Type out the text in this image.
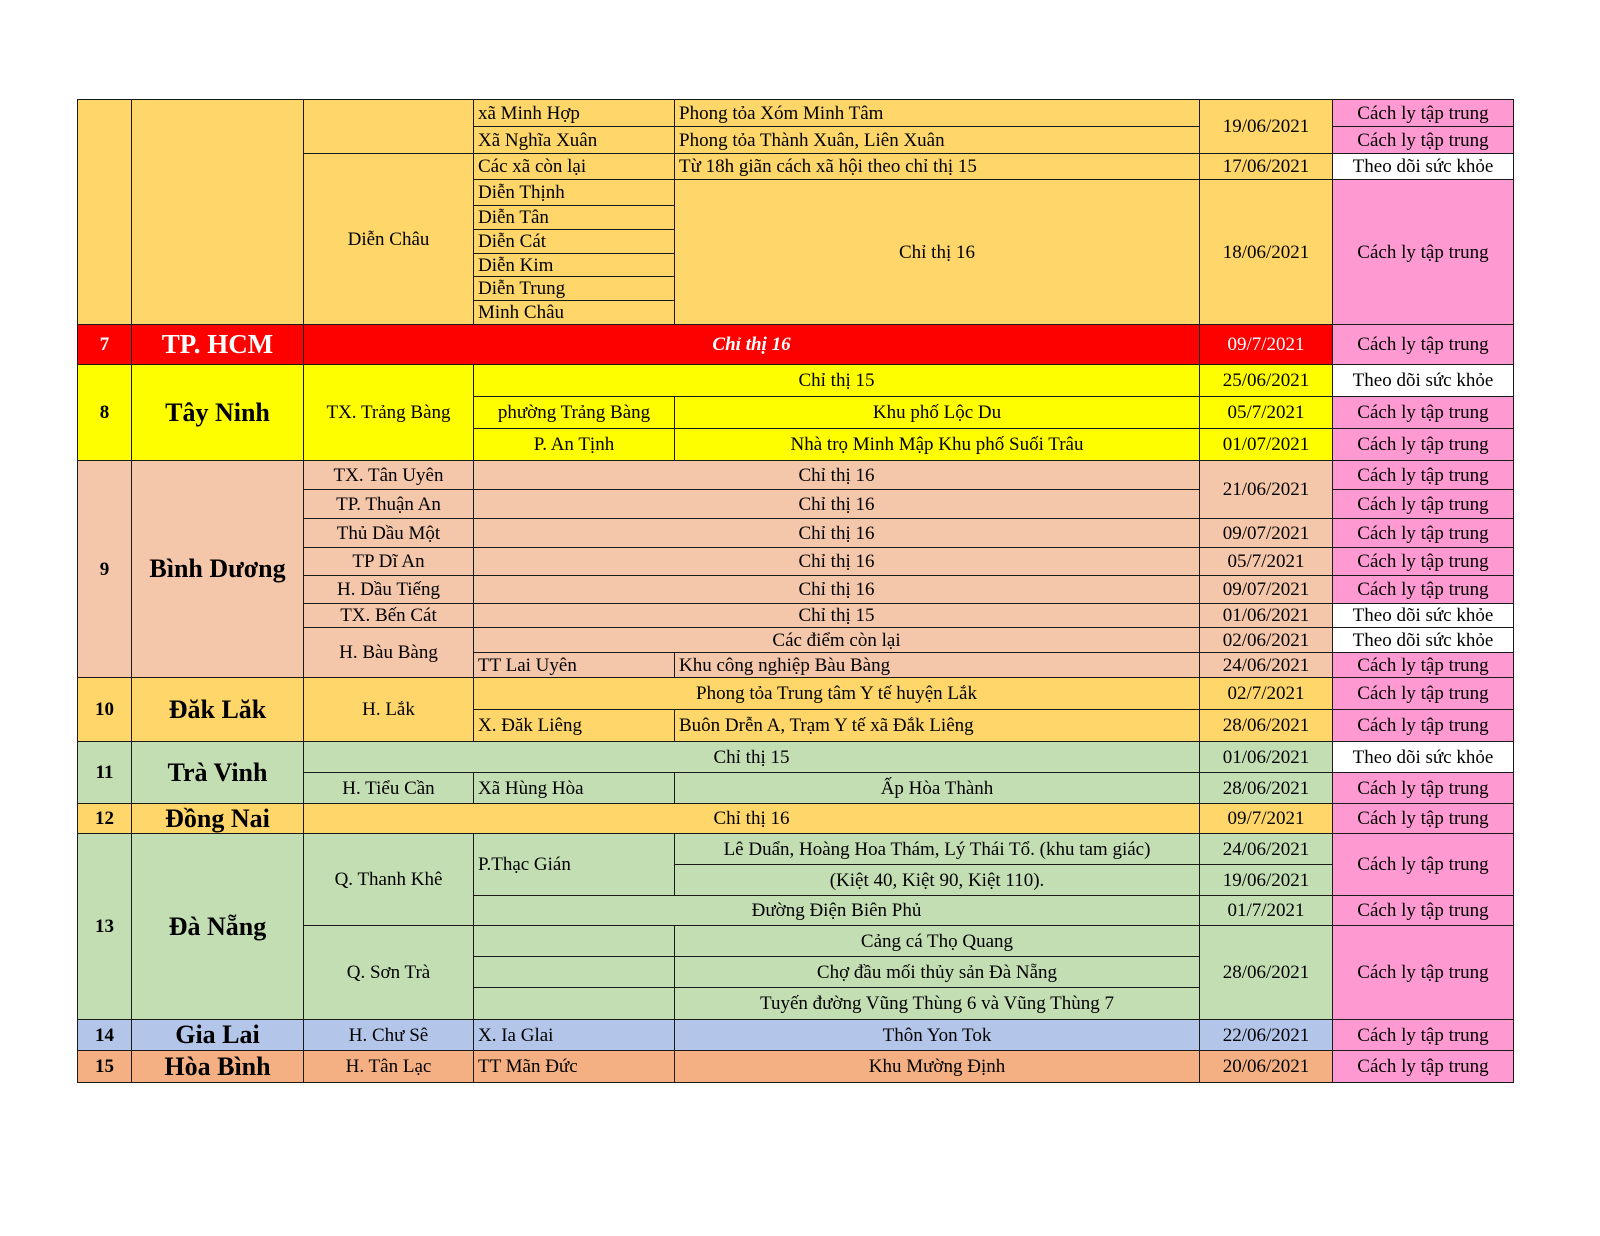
			xã Minh Hợp	Phong tỏa Xóm Minh Tâm	19/06/2021	Cách ly tập trung
			Xã Nghĩa Xuân	Phong tỏa Thành Xuân, Liên Xuân		Cách ly tập trung
		Diễn Châu	Các xã còn lại	Từ 18h giãn cách xã hội theo chỉ thị 15	17/06/2021	Theo dõi sức khỏe
			Diễn Thịnh	Chỉ thị 16	18/06/2021	Cách ly tập trung
			Diễn Tân			
			Diễn Cát			
			Diễn Kim			
			Diễn Trung			
			Minh Châu			
7	TP. HCM	Chỉ thị 16			09/7/2021	Cách ly tập trung
8	Tây Ninh	TX. Trảng Bàng	Chỉ thị 15		25/06/2021	Theo dõi sức khỏe
			phường Trảng Bàng	Khu phố Lộc Du	05/7/2021	Cách ly tập trung
			P. An Tịnh	Nhà trọ Minh Mập Khu phố Suối Trâu	01/07/2021	Cách ly tập trung
9	Bình Dương	TX. Tân Uyên	Chỉ thị 16		21/06/2021	Cách ly tập trung
		TP. Thuận An	Chỉ thị 16			Cách ly tập trung
		Thủ Dầu Một	Chỉ thị 16		09/07/2021	Cách ly tập trung
		TP Dĩ An	Chỉ thị 16		05/7/2021	Cách ly tập trung
		H. Dầu Tiếng	Chỉ thị 16		09/07/2021	Cách ly tập trung
		TX. Bến Cát	Chỉ thị 15		01/06/2021	Theo dõi sức khỏe
		H. Bàu Bàng	Các điểm còn lại		02/06/2021	Theo dõi sức khỏe
			TT Lai Uyên	Khu công nghiệp Bàu Bàng	24/06/2021	Cách ly tập trung
10	Đăk Lăk	H. Lắk	Phong tỏa Trung tâm Y tế huyện Lắk		02/7/2021	Cách ly tập trung
			X. Đăk Liêng	Buôn Drễn A, Trạm Y tế xã Đắk Liêng	28/06/2021	Cách ly tập trung
11	Trà Vinh	Chỉ thị 15			01/06/2021	Theo dõi sức khỏe
		H. Tiểu Cần	Xã Hùng Hòa	Ấp Hòa Thành	28/06/2021	Cách ly tập trung
12	Đồng Nai	Chỉ thị 16			09/7/2021	Cách ly tập trung
13	Đà Nẵng	Q. Thanh Khê	P.Thạc Gián	Lê Duẩn, Hoàng Hoa Thám, Lý Thái Tổ. (khu tam giác)	24/06/2021	Cách ly tập trung
				(Kiệt 40, Kiệt 90, Kiệt 110).	19/06/2021	
			Đường Điện Biên Phủ		01/7/2021	Cách ly tập trung
		Q. Sơn Trà		Cảng cá Thọ Quang	28/06/2021	Cách ly tập trung
				Chợ đầu mối thủy sản Đà Nẵng		
				Tuyến đường Vũng Thùng 6 và Vũng Thùng 7		
14	Gia Lai	H. Chư Sê	X. Ia Glai	Thôn Yon Tok	22/06/2021	Cách ly tập trung
15	Hòa Bình	H. Tân Lạc	TT Mãn Đức	Khu Mường Định	20/06/2021	Cách ly tập trung
